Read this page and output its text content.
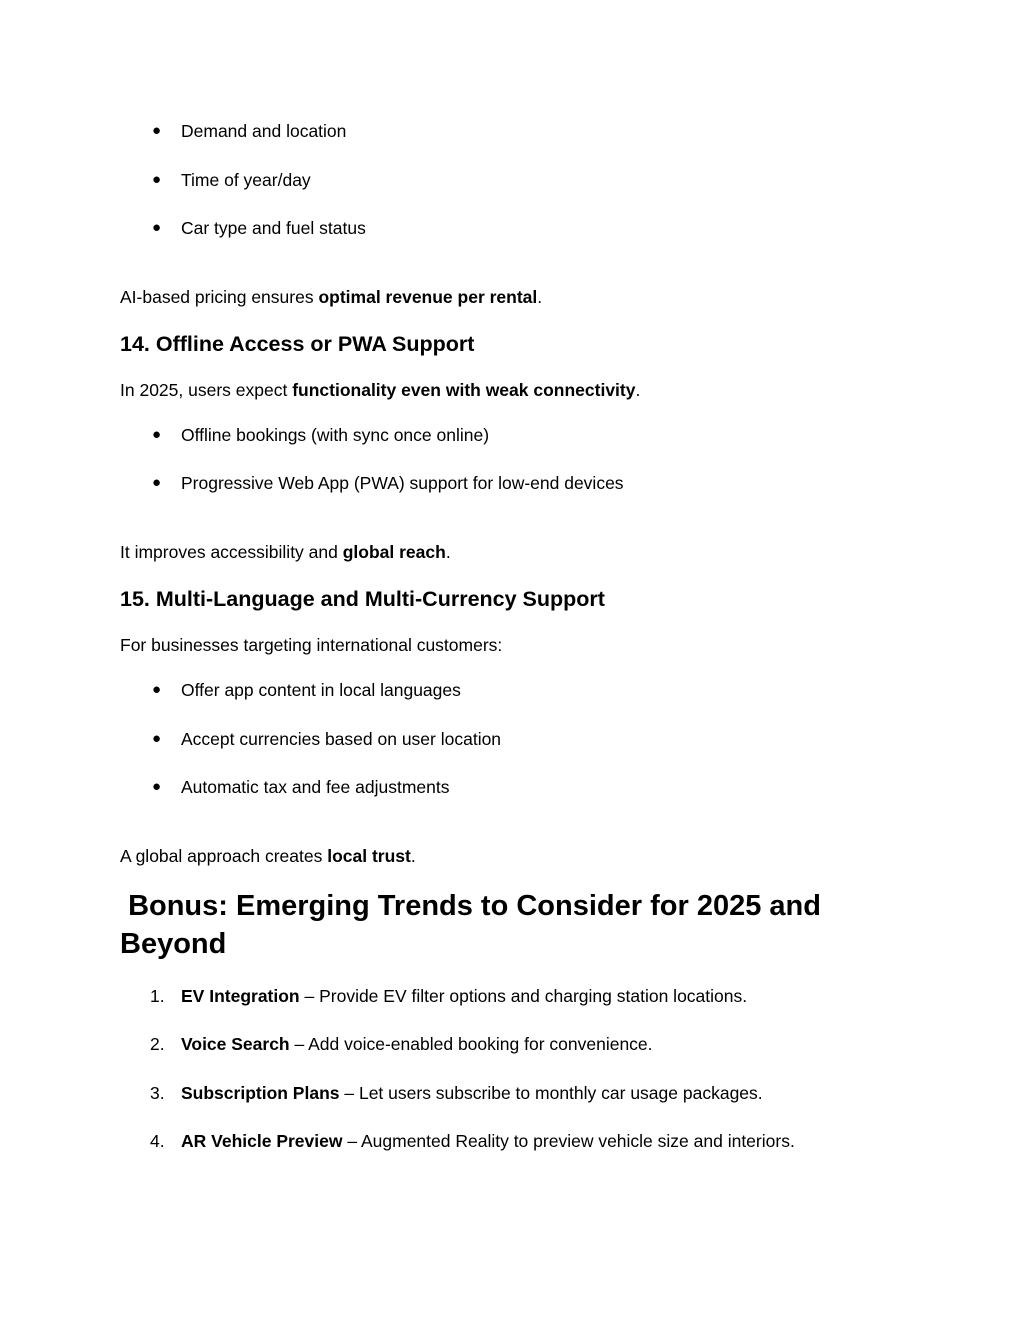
● Demand and location
● Time of year/day
● Car type and fuel status
AI-based pricing ensures optimal revenue per rental.
14. Offline Access or PWA Support
In 2025, users expect functionality even with weak connectivity.
● Offline bookings (with sync once online)
● Progressive Web App (PWA) support for low-end devices
It improves accessibility and global reach.
15. Multi-Language and Multi-Currency Support
For businesses targeting international customers:
● Offer app content in local languages
● Accept currencies based on user location
● Automatic tax and fee adjustments
A global approach creates local trust.
Bonus: Emerging Trends to Consider for 2025 and Beyond
1. EV Integration – Provide EV filter options and charging station locations.
2. Voice Search – Add voice-enabled booking for convenience.
3. Subscription Plans – Let users subscribe to monthly car usage packages.
4. AR Vehicle Preview – Augmented Reality to preview vehicle size and interiors.
